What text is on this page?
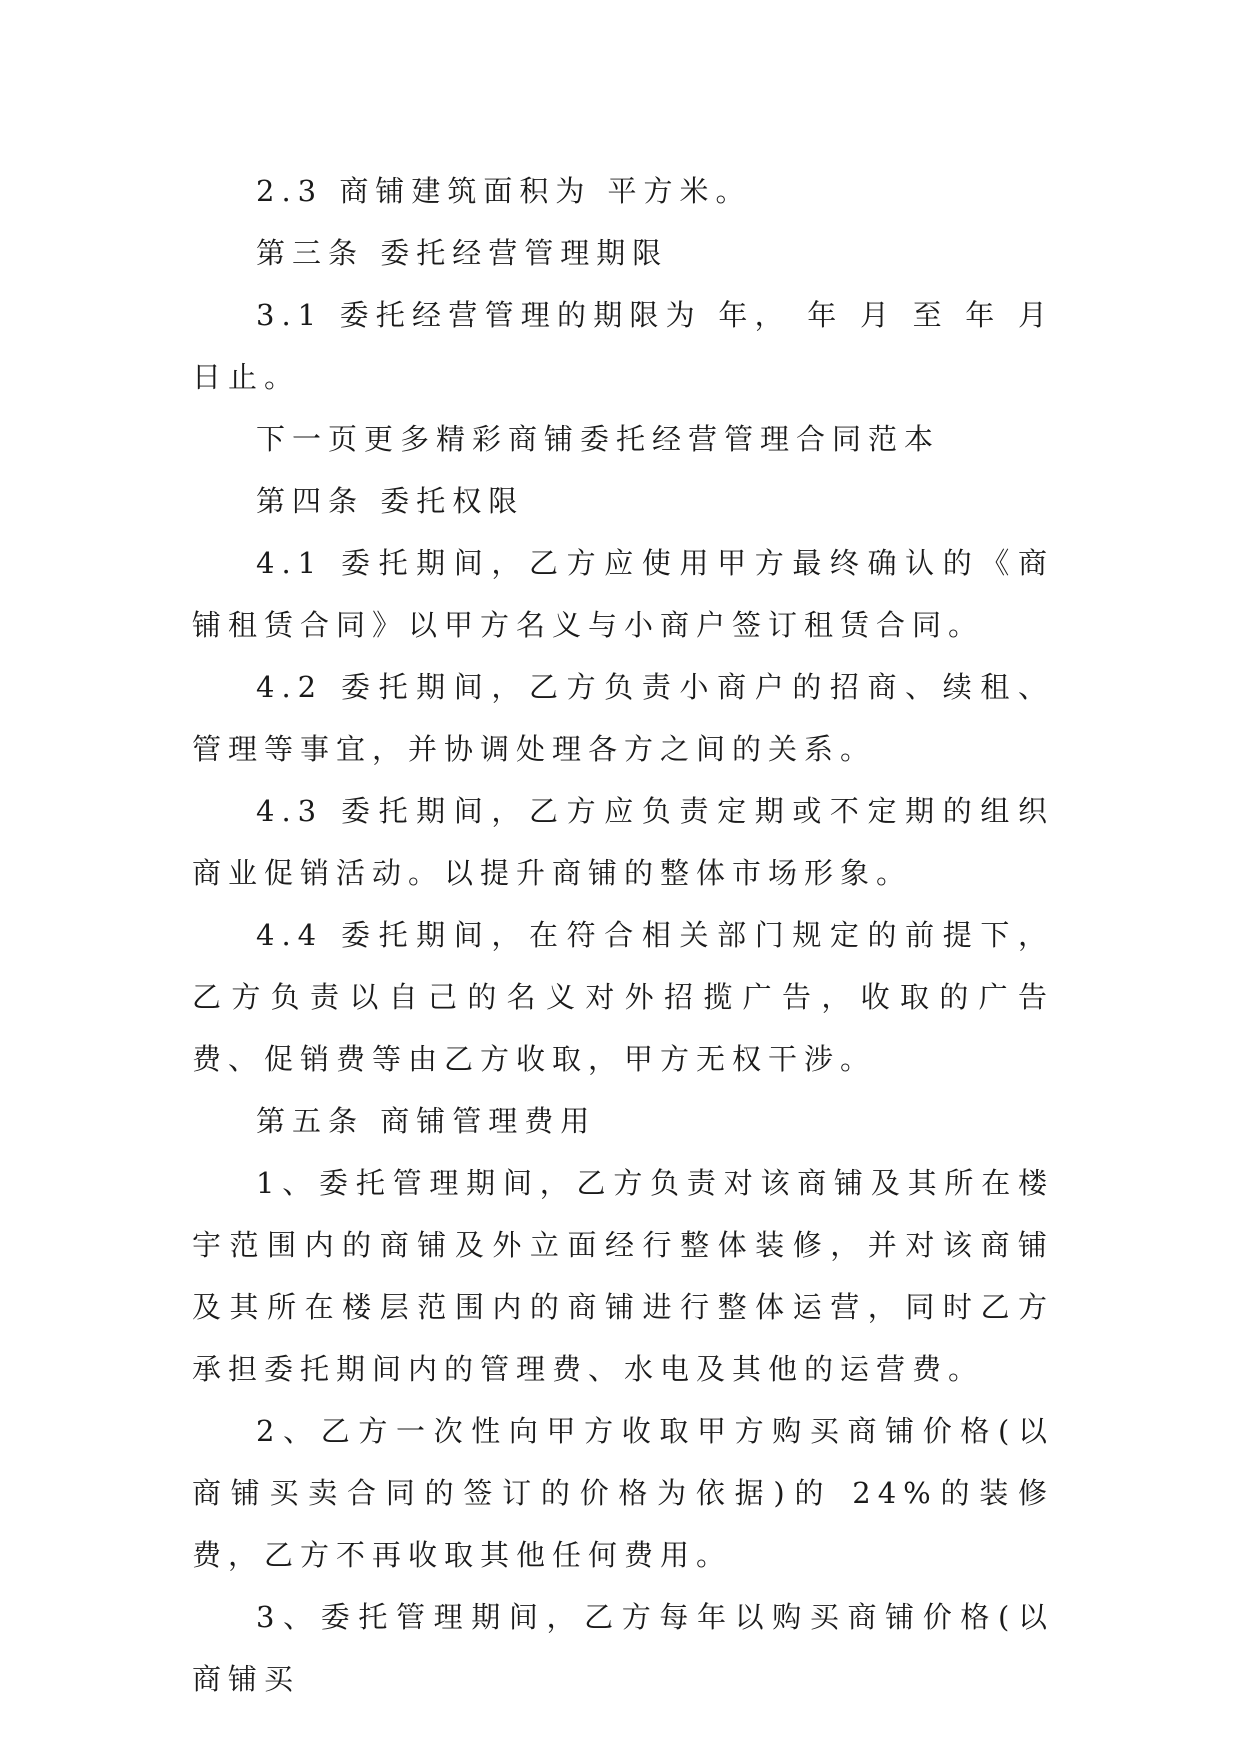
2.3 商铺建筑面积为 平方米。

第三条 委托经营管理期限

3.1 委托经营管理的期限为 年， 年 月 至 年 月 日止。

下一页更多精彩商铺委托经营管理合同范本

第四条 委托权限

4.1 委托期间，乙方应使用甲方最终确认的《商铺租赁合同》以甲方名义与小商户签订租赁合同。

4.2 委托期间，乙方负责小商户的招商、续租、管理等事宜，并协调处理各方之间的关系。

4.3 委托期间，乙方应负责定期或不定期的组织商业促销活动。以提升商铺的整体市场形象。

4.4 委托期间，在符合相关部门规定的前提下，乙方负责以自己的名义对外招揽广告，收取的广告费、促销费等由乙方收取，甲方无权干涉。

第五条 商铺管理费用

1、委托管理期间，乙方负责对该商铺及其所在楼宇范围内的商铺及外立面经行整体装修，并对该商铺及其所在楼层范围内的商铺进行整体运营，同时乙方承担委托期间内的管理费、水电及其他的运营费。

2、乙方一次性向甲方收取甲方购买商铺价格(以商铺买卖合同的签订的价格为依据)的 24%的装修费，乙方不再收取其他任何费用。

3、委托管理期间，乙方每年以购买商铺价格(以商铺买
